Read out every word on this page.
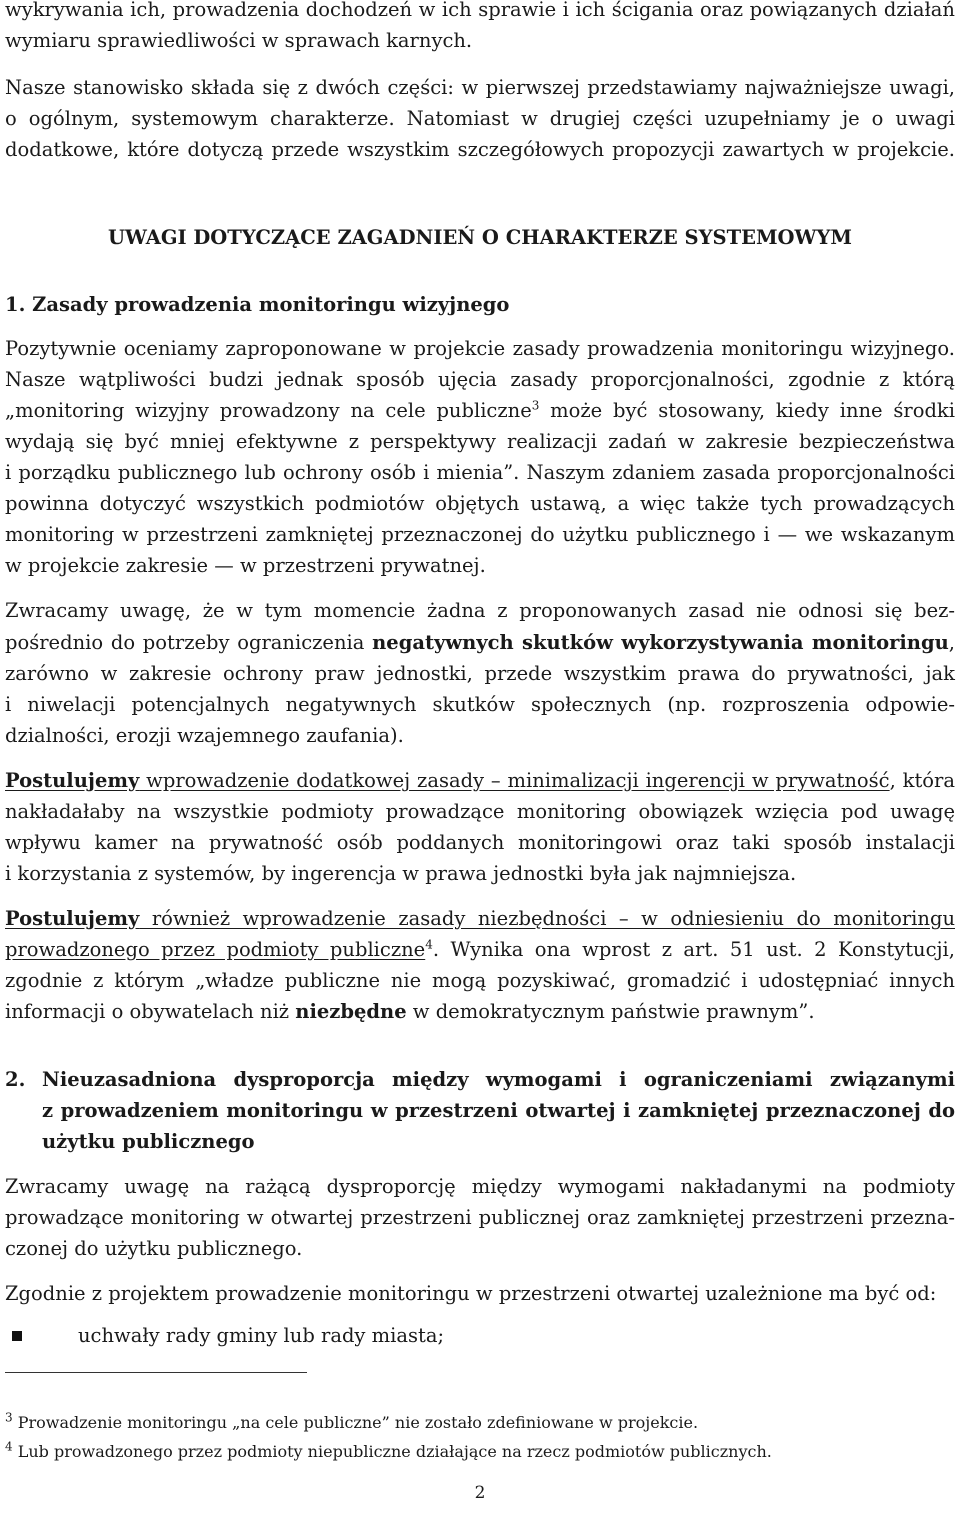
wykrywania ich, prowadzenia dochodzeń w ich sprawie i ich ścigania oraz powiązanych działań
wymiaru sprawiedliwości w sprawach karnych.
Nasze stanowisko składa się z dwóch części: w pierwszej przedstawiamy najważniejsze uwagi,
o ogólnym, systemowym charakterze. Natomiast w drugiej części uzupełniamy je o uwagi
dodatkowe, które dotyczą przede wszystkim szczegółowych propozycji zawartych w projekcie.
UWAGI DOTYCZĄCE ZAGADNIEŃ O CHARAKTERZE SYSTEMOWYM
1. Zasady prowadzenia monitoringu wizyjnego
Pozytywnie oceniamy zaproponowane w projekcie zasady prowadzenia monitoringu wizyjnego.
Nasze wątpliwości budzi jednak sposób ujęcia zasady proporcjonalności, zgodnie z którą
„monitoring wizyjny prowadzony na cele publiczne$^3$ może być stosowany, kiedy inne środki
wydają się być mniej efektywne z perspektywy realizacji zadań w zakresie bezpieczeństwa
i porządku publicznego lub ochrony osób i mienia”. Naszym zdaniem zasada proporcjonalności
powinna dotyczyć wszystkich podmiotów objętych ustawą, a więc także tych prowadzących
monitoring w przestrzeni zamkniętej przeznaczonej do użytku publicznego i — we wskazanym
w projekcie zakresie — w przestrzeni prywatnej.
Zwracamy uwagę, że w tym momencie żadna z proponowanych zasad nie odnosi się bez-
pośrednio do potrzeby ograniczenia negatywnych skutków wykorzystywania monitoringu,
zarówno w zakresie ochrony praw jednostki, przede wszystkim prawa do prywatności, jak
i niwelacji potencjalnych negatywnych skutków społecznych (np. rozproszenia odpowie-
dzialności, erozji wzajemnego zaufania).
Postulujemy wprowadzenie dodatkowej zasady – minimalizacji ingerencji w prywatność, która
nakładałaby na wszystkie podmioty prowadzące monitoring obowiązek wzięcia pod uwagę
wpływu kamer na prywatność osób poddanych monitoringowi oraz taki sposób instalacji
i korzystania z systemów, by ingerencja w prawa jednostki była jak najmniejsza.
Postulujemy również wprowadzenie zasady niezbędności – w odniesieniu do monitoringu
prowadzonego przez podmioty publiczne$^4$. Wynika ona wprost z art. 51 ust. 2 Konstytucji,
zgodnie z którym „władze publiczne nie mogą pozyskiwać, gromadzić i udostępniać innych
informacji o obywatelach niż niezbędne w demokratycznym państwie prawnym”.
2. Nieuzasadniona dysproporcja między wymogami i ograniczeniami związanymi
z prowadzeniem monitoringu w przestrzeni otwartej i zamkniętej przeznaczonej do
użytku publicznego
Zwracamy uwagę na rażącą dysproporcję między wymogami nakładanymi na podmioty
prowadzące monitoring w otwartej przestrzeni publicznej oraz zamkniętej przestrzeni przezna-
czonej do użytku publicznego.
Zgodnie z projektem prowadzenie monitoringu w przestrzeni otwartej uzależnione ma być od:
uchwały rady gminy lub rady miasta;
$^3$ Prowadzenie monitoringu „na cele publiczne” nie zostało zdefiniowane w projekcie.
$^4$ Lub prowadzonego przez podmioty niepubliczne działające na rzecz podmiotów publicznych.
2
